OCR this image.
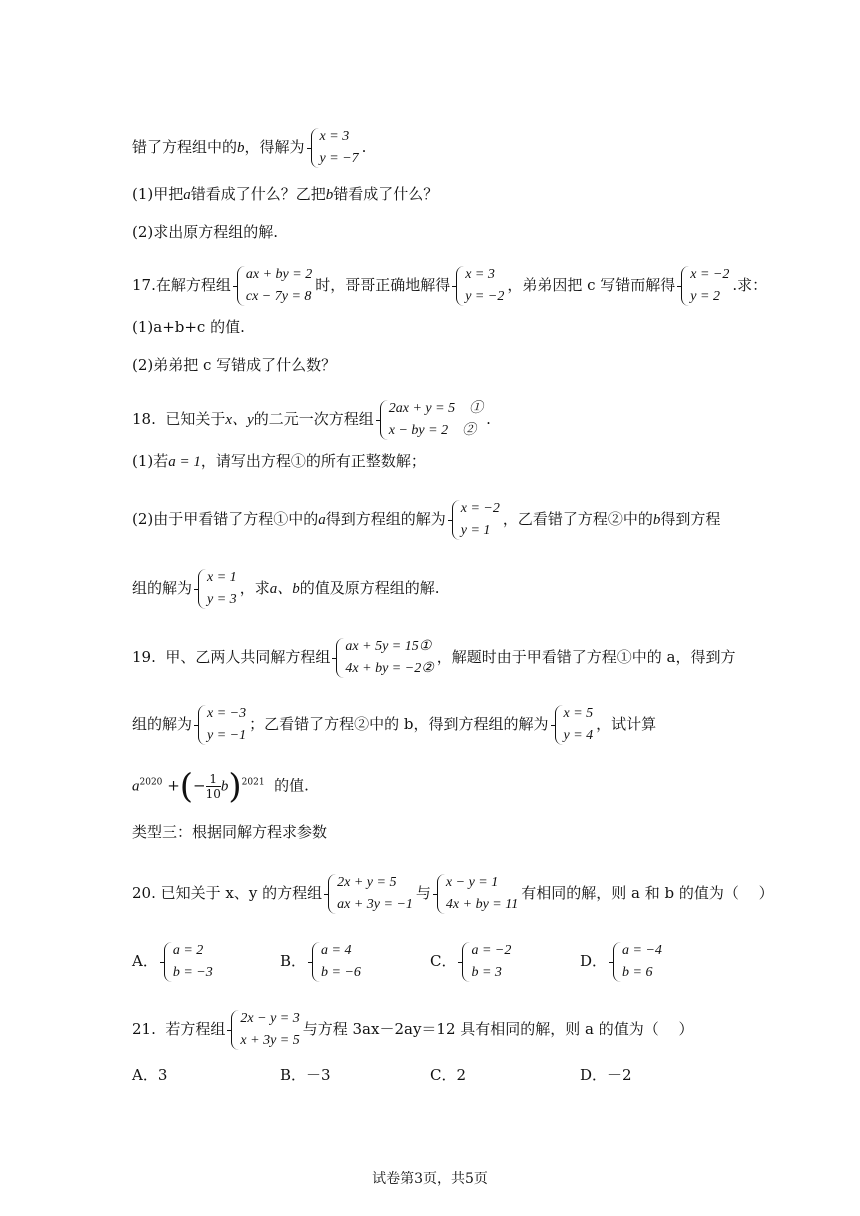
错了方程组中的b，得解为
x = 3
y = −7
.
(1)甲把a错看成了什么？乙把b错看成了什么？
(2)求出原方程组的解.
17.在解方程组
ax + by = 2
cx − 7y = 8
时，哥哥正确地解得
x = 3
y = −2
，弟弟因把 c 写错而解得
x = −2
y = 2
.求：
(1)a+b+c 的值.
(2)弟弟把 c 写错成了什么数？
18. 已知关于x、y的二元一次方程组
2ax + y = 5　①
x − by = 2　②
.
(1)若a = 1，请写出方程①的所有正整数解；
(2)由于甲看错了方程①中的a得到方程组的解为
x = −2
y = 1
，乙看错了方程②中的b得到方程
组的解为
x = 1
y = 3
，求a、b的值及原方程组的解.
19. 甲、乙两人共同解方程组
ax + 5y = 15①
4x + by = −2②
，解题时由于甲看错了方程①中的 a，得到方
组的解为
x = −3
y = −1
；乙看错了方程②中的 b，得到方程组的解为
x = 5
y = 4
，试计算
$a^{2020}$ +(− $\frac{1}{10}b)^{2021}$ 的值.
类型三：根据同解方程求参数
20. 已知关于 x、y 的方程组
2x + y = 5
ax + 3y = −1
与
x − y = 1
4x + by = 11
有相同的解，则 a 和 b 的值为（　 ）
A．
a = 2
b = −3
B．
a = 4
b = −6
C．
a = −2
b = 3
D．
a = −4
b = 6
21. 若方程组
2x − y = 3
x + 3y = 5
与方程 3ax－2ay＝12 具有相同的解，则 a 的值为（　 ）
A．3	B．－3	C．2	D．－2
试卷第3页，共5页
